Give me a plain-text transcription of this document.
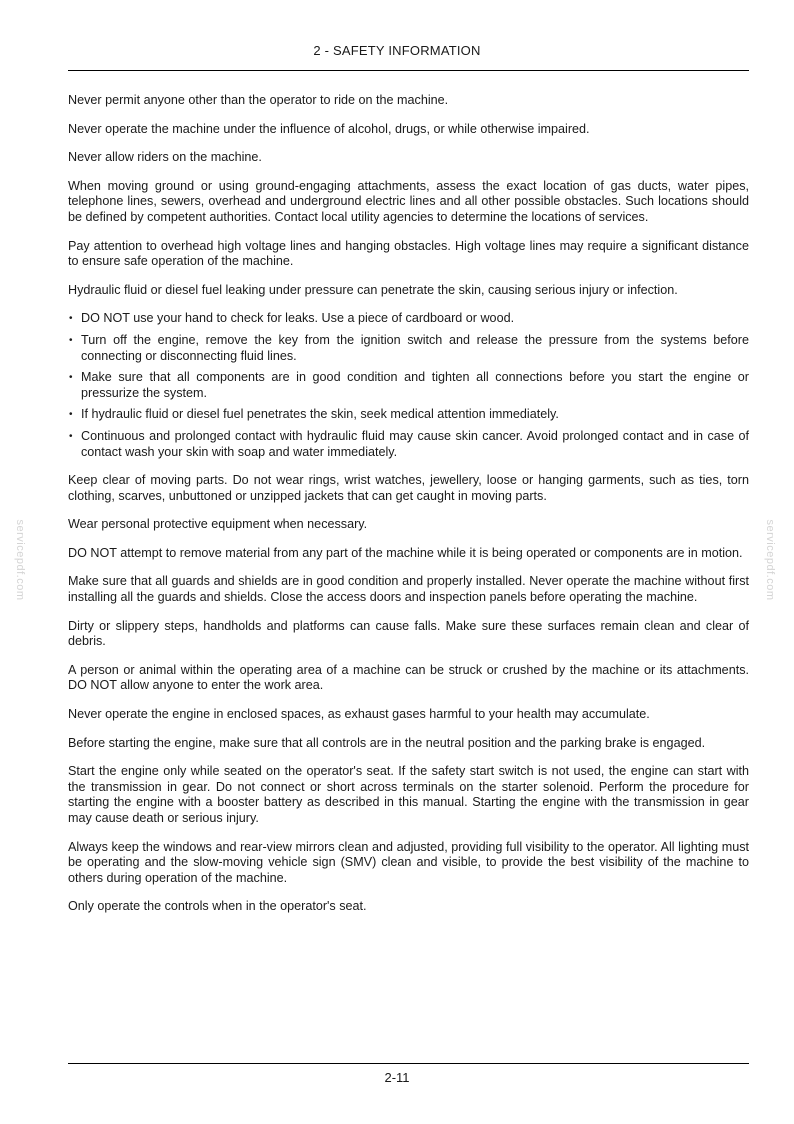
2 - SAFETY INFORMATION

Never permit anyone other than the operator to ride on the machine.

Never operate the machine under the influence of alcohol, drugs, or while otherwise impaired.

Never allow riders on the machine.

When moving ground or using ground-engaging attachments, assess the exact location of gas ducts, water pipes, telephone lines, sewers, overhead and underground electric lines and all other possible obstacles. Such locations should be defined by competent authorities. Contact local utility agencies to determine the locations of services.

Pay attention to overhead high voltage lines and hanging obstacles. High voltage lines may require a significant distance to ensure safe operation of the machine.

Hydraulic fluid or diesel fuel leaking under pressure can penetrate the skin, causing serious injury or infection.

• DO NOT use your hand to check for leaks. Use a piece of cardboard or wood.
• Turn off the engine, remove the key from the ignition switch and release the pressure from the systems before connecting or disconnecting fluid lines.
• Make sure that all components are in good condition and tighten all connections before you start the engine or pressurize the system.
• If hydraulic fluid or diesel fuel penetrates the skin, seek medical attention immediately.
• Continuous and prolonged contact with hydraulic fluid may cause skin cancer. Avoid prolonged contact and in case of contact wash your skin with soap and water immediately.

Keep clear of moving parts. Do not wear rings, wrist watches, jewellery, loose or hanging garments, such as ties, torn clothing, scarves, unbuttoned or unzipped jackets that can get caught in moving parts.

Wear personal protective equipment when necessary.

DO NOT attempt to remove material from any part of the machine while it is being operated or components are in motion.

Make sure that all guards and shields are in good condition and properly installed. Never operate the machine without first installing all the guards and shields. Close the access doors and inspection panels before operating the machine.

Dirty or slippery steps, handholds and platforms can cause falls. Make sure these surfaces remain clean and clear of debris.

A person or animal within the operating area of a machine can be struck or crushed by the machine or its attachments. DO NOT allow anyone to enter the work area.

Never operate the engine in enclosed spaces, as exhaust gases harmful to your health may accumulate.

Before starting the engine, make sure that all controls are in the neutral position and the parking brake is engaged.

Start the engine only while seated on the operator's seat. If the safety start switch is not used, the engine can start with the transmission in gear. Do not connect or short across terminals on the starter solenoid. Perform the procedure for starting the engine with a booster battery as described in this manual. Starting the engine with the transmission in gear may cause death or serious injury.

Always keep the windows and rear-view mirrors clean and adjusted, providing full visibility to the operator. All lighting must be operating and the slow-moving vehicle sign (SMV) clean and visible, to provide the best visibility of the machine to others during operation of the machine.

Only operate the controls when in the operator's seat.

servicepdf.com	servicepdf.com
2-11
